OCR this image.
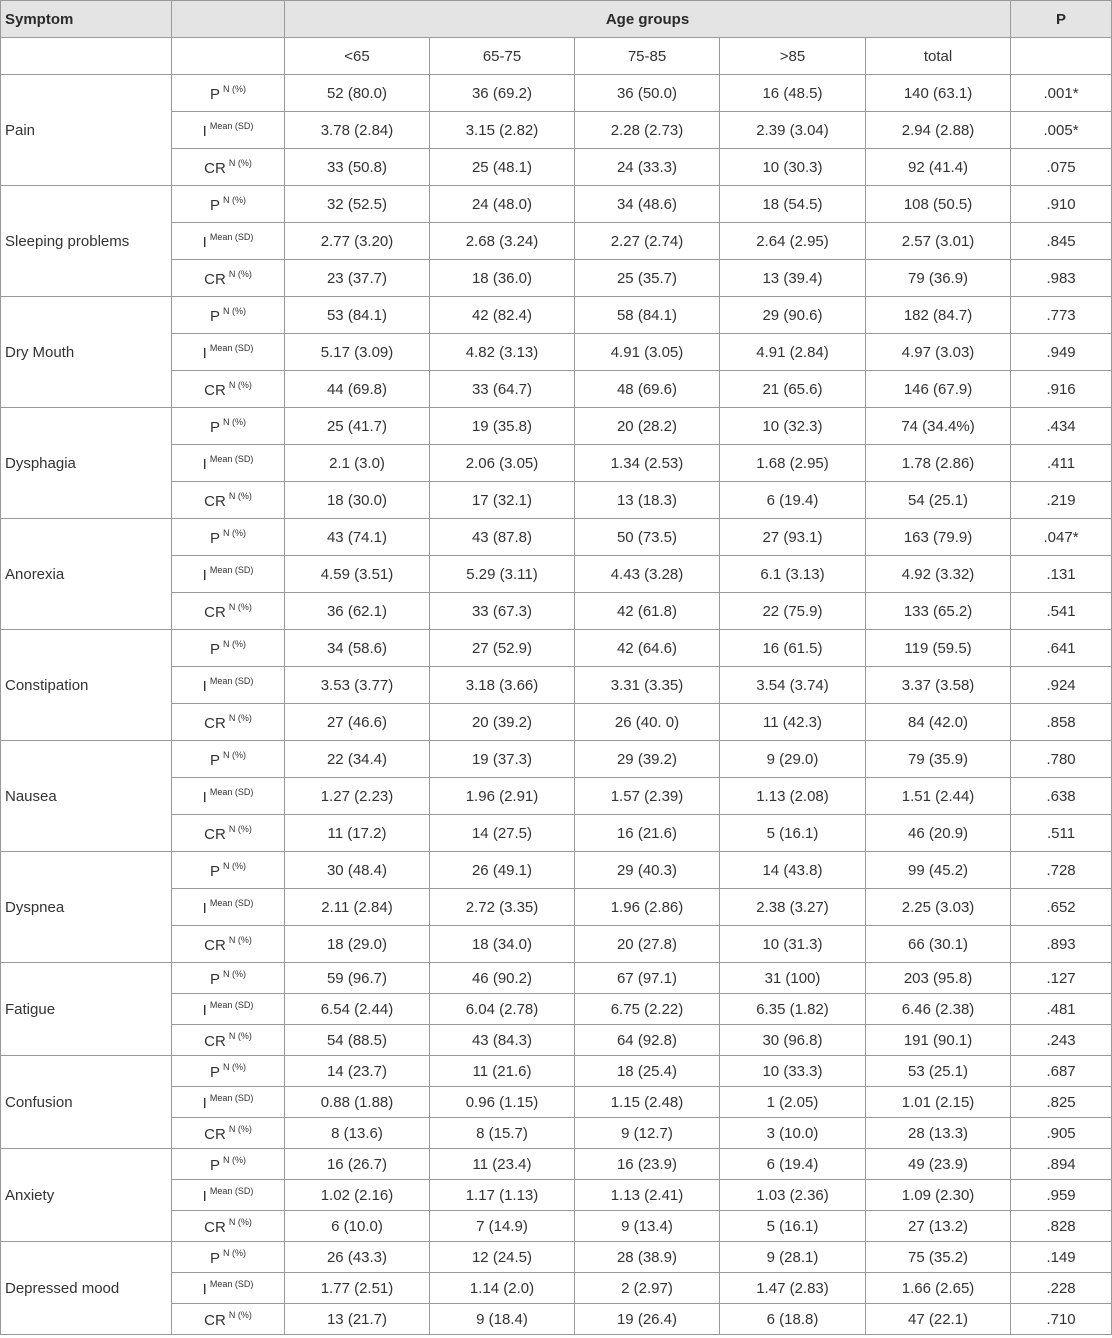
Symptom		Age groups					P
		<65	65-75	75-85	>85	total	
Pain	P $^{N (\%)}$	52 (80.0)	36 (69.2)	36 (50.0)	16 (48.5)	140 (63.1)	.001*
	I $^{Mean (SD)}$	3.78 (2.84)	3.15 (2.82)	2.28 (2.73)	2.39 (3.04)	2.94 (2.88)	.005*
	CR $^{N (\%)}$	33 (50.8)	25 (48.1)	24 (33.3)	10 (30.3)	92 (41.4)	.075
Sleeping problems	P $^{N (\%)}$	32 (52.5)	24 (48.0)	34 (48.6)	18 (54.5)	108 (50.5)	.910
	I $^{Mean (SD)}$	2.77 (3.20)	2.68 (3.24)	2.27 (2.74)	2.64 (2.95)	2.57 (3.01)	.845
	CR $^{N (\%)}$	23 (37.7)	18 (36.0)	25 (35.7)	13 (39.4)	79 (36.9)	.983
Dry Mouth	P $^{N (\%)}$	53 (84.1)	42 (82.4)	58 (84.1)	29 (90.6)	182 (84.7)	.773
	I $^{Mean (SD)}$	5.17 (3.09)	4.82 (3.13)	4.91 (3.05)	4.91 (2.84)	4.97 (3.03)	.949
	CR $^{N (\%)}$	44 (69.8)	33 (64.7)	48 (69.6)	21 (65.6)	146 (67.9)	.916
Dysphagia	P $^{N (\%)}$	25 (41.7)	19 (35.8)	20 (28.2)	10 (32.3)	74 (34.4%)	.434
	I $^{Mean (SD)}$	2.1 (3.0)	2.06 (3.05)	1.34 (2.53)	1.68 (2.95)	1.78 (2.86)	.411
	CR $^{N (\%)}$	18 (30.0)	17 (32.1)	13 (18.3)	6 (19.4)	54 (25.1)	.219
Anorexia	P $^{N (\%)}$	43 (74.1)	43 (87.8)	50 (73.5)	27 (93.1)	163 (79.9)	.047*
	I $^{Mean (SD)}$	4.59 (3.51)	5.29 (3.11)	4.43 (3.28)	6.1 (3.13)	4.92 (3.32)	.131
	CR $^{N (\%)}$	36 (62.1)	33 (67.3)	42 (61.8)	22 (75.9)	133 (65.2)	.541
Constipation	P $^{N (\%)}$	34 (58.6)	27 (52.9)	42 (64.6)	16 (61.5)	119 (59.5)	.641
	I $^{Mean (SD)}$	3.53 (3.77)	3.18 (3.66)	3.31 (3.35)	3.54 (3.74)	3.37 (3.58)	.924
	CR $^{N (\%)}$	27 (46.6)	20 (39.2)	26 (40. 0)	11 (42.3)	84 (42.0)	.858
Nausea	P $^{N (\%)}$	22 (34.4)	19 (37.3)	29 (39.2)	9 (29.0)	79 (35.9)	.780
	I $^{Mean (SD)}$	1.27 (2.23)	1.96 (2.91)	1.57 (2.39)	1.13 (2.08)	1.51 (2.44)	.638
	CR $^{N (\%)}$	11 (17.2)	14 (27.5)	16 (21.6)	5 (16.1)	46 (20.9)	.511
Dyspnea	P $^{N (\%)}$	30 (48.4)	26 (49.1)	29 (40.3)	14 (43.8)	99 (45.2)	.728
	I $^{Mean (SD)}$	2.11 (2.84)	2.72 (3.35)	1.96 (2.86)	2.38 (3.27)	2.25 (3.03)	.652
	CR $^{N (\%)}$	18 (29.0)	18 (34.0)	20 (27.8)	10 (31.3)	66 (30.1)	.893
Fatigue	P $^{N (\%)}$	59 (96.7)	46 (90.2)	67 (97.1)	31 (100)	203 (95.8)	.127
	I $^{Mean (SD)}$	6.54 (2.44)	6.04 (2.78)	6.75 (2.22)	6.35 (1.82)	6.46 (2.38)	.481
	CR $^{N (\%)}$	54 (88.5)	43 (84.3)	64 (92.8)	30 (96.8)	191 (90.1)	.243
Confusion	P $^{N (\%)}$	14 (23.7)	11 (21.6)	18 (25.4)	10 (33.3)	53 (25.1)	.687
	I $^{Mean (SD)}$	0.88 (1.88)	0.96 (1.15)	1.15 (2.48)	1 (2.05)	1.01 (2.15)	.825
	CR $^{N (\%)}$	8 (13.6)	8 (15.7)	9 (12.7)	3 (10.0)	28 (13.3)	.905
Anxiety	P $^{N (\%)}$	16 (26.7)	11 (23.4)	16 (23.9)	6 (19.4)	49 (23.9)	.894
	I $^{Mean (SD)}$	1.02 (2.16)	1.17 (1.13)	1.13 (2.41)	1.03 (2.36)	1.09 (2.30)	.959
	CR $^{N (\%)}$	6 (10.0)	7 (14.9)	9 (13.4)	5 (16.1)	27 (13.2)	.828
Depressed mood	P $^{N (\%)}$	26 (43.3)	12 (24.5)	28 (38.9)	9 (28.1)	75 (35.2)	.149
	I $^{Mean (SD)}$	1.77 (2.51)	1.14 (2.0)	2 (2.97)	1.47 (2.83)	1.66 (2.65)	.228
	CR $^{N (\%)}$	13 (21.7)	9 (18.4)	19 (26.4)	6 (18.8)	47 (22.1)	.710
